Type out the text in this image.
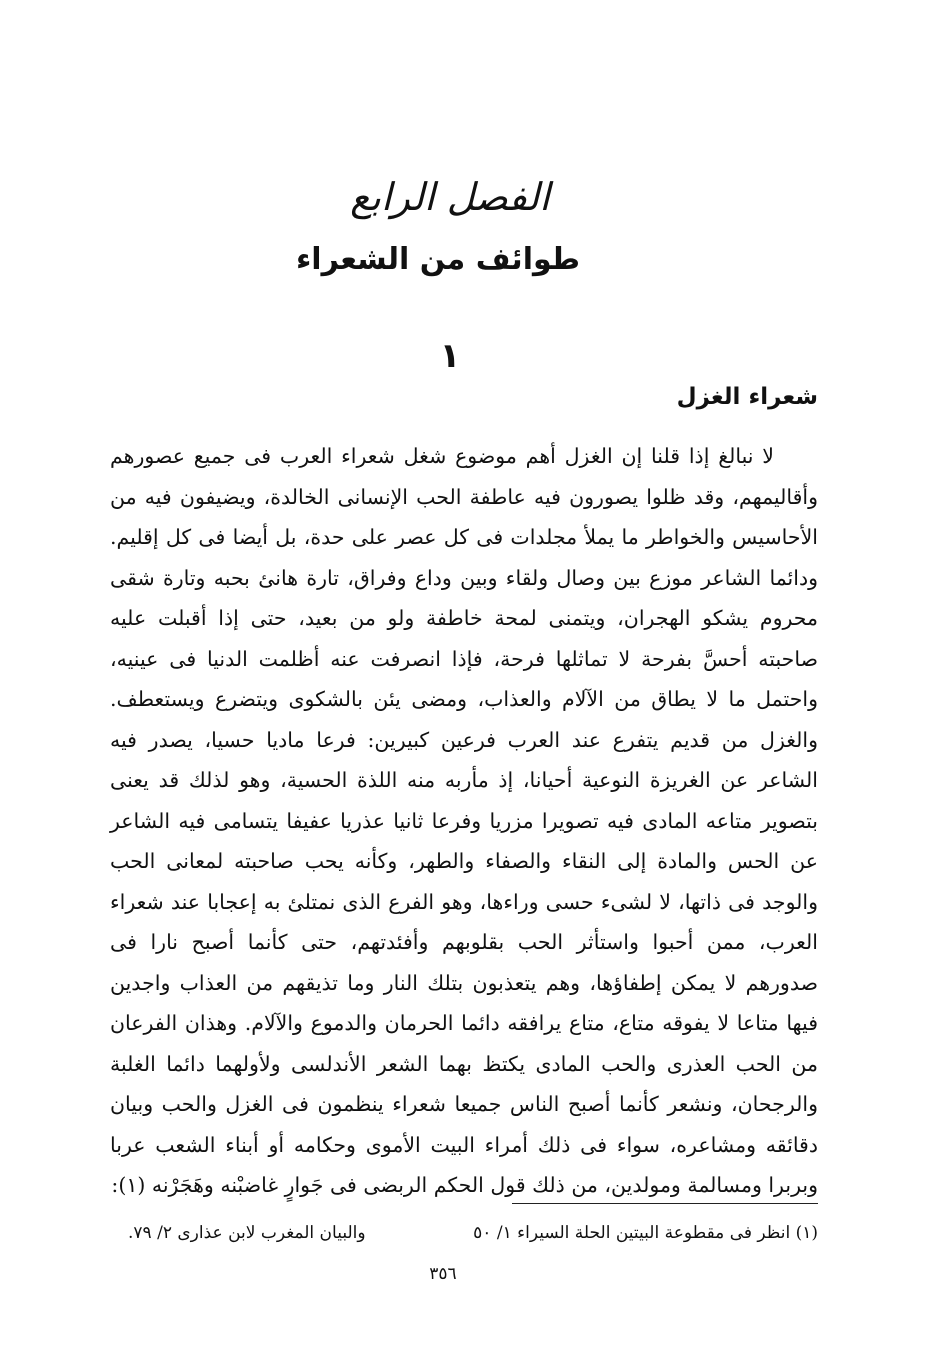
الفصل الرابع
طوائف من الشعراء
١
شعراء الغزل

لا نبالغ إذا قلنا إن الغزل أهم موضوع شغل شعراء العرب فى جميع عصورهم وأقاليمهم، وقد ظلوا يصورون فيه عاطفة الحب الإنسانى الخالدة، ويضيفون فيه من الأحاسيس والخواطر ما يملأ مجلدات فى كل عصر على حدة، بل أيضا فى كل إقليم. ودائما الشاعر موزع بين وصال ولقاء وبين وداع وفراق، تارة هانئ بحبه وتارة شقى محروم يشكو الهجران، ويتمنى لمحة خاطفة ولو من بعيد، حتى إذا أقبلت عليه صاحبته أحسَّ بفرحة لا تماثلها فرحة، فإذا انصرفت عنه أظلمت الدنيا فى عينيه، واحتمل ما لا يطاق من الآلام والعذاب، ومضى يئن بالشكوى ويتضرع ويستعطف. والغزل من قديم يتفرع عند العرب فرعين كبيرين: فرعا ماديا حسيا، يصدر فيه الشاعر عن الغريزة النوعية أحيانا، إذ مأربه منه اللذة الحسية، وهو لذلك قد يعنى بتصوير متاعه المادى فيه تصويرا مزريا وفرعا ثانيا عذريا عفيفا يتسامى فيه الشاعر عن الحس والمادة إلى النقاء والصفاء والطهر، وكأنه يحب صاحبته لمعانى الحب والوجد فى ذاتها، لا لشىء حسى وراءها، وهو الفرع الذى نمتلئ به إعجابا عند شعراء العرب، ممن أحبوا واستأثر الحب بقلوبهم وأفئدتهم، حتى كأنما أصبح نارا فى صدورهم لا يمكن إطفاؤها، وهم يتعذبون بتلك النار وما تذيقهم من العذاب واجدين فيها متاعا لا يفوقه متاع، متاع يرافقه دائما الحرمان والدموع والآلام. وهذان الفرعان من الحب العذرى والحب المادى يكتظ بهما الشعر الأندلسى ولأولهما دائما الغلبة والرجحان، ونشعر كأنما أصبح الناس جميعا شعراء ينظمون فى الغزل والحب وبيان دقائقه ومشاعره، سواء فى ذلك أمراء البيت الأموى وحكامه أو أبناء الشعب عربا وبربرا ومسالمة ومولدين، من ذلك قول الحكم الربضى فى جَوارٍ غاضبْنه وهَجَرْنه (١):

(١) انظر فى مقطوعة البيتين الحلة السيراء ١/ ٥٠
والبيان المغرب لابن عذارى ٢/ ٧٩.
٣٥٦
